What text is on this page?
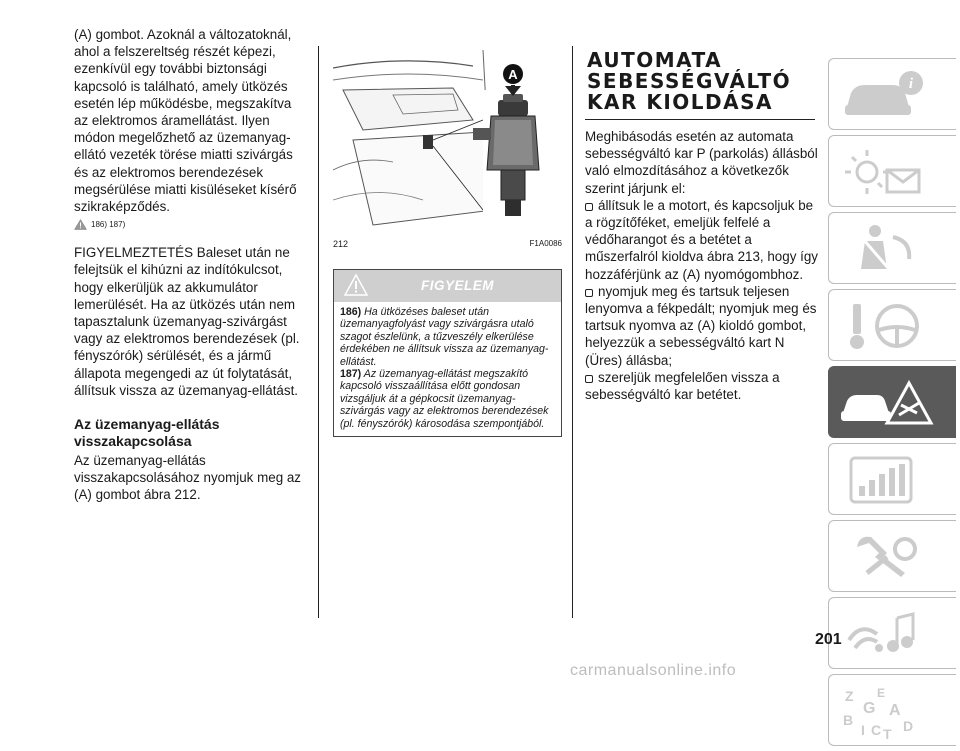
(A) gombot. Azoknál a változatoknál, ahol a felszereltség részét képezi, ezenkívül egy további biztonsági kapcsoló is található, amely ütközés esetén lép működésbe, megszakítva az elektromos áramellátást. Ilyen módon megelőzhető az üzemanyag-ellátó vezeték törése miatti szivárgás és az elektromos berendezések megsérülése miatti kisüléseket kísérő szikraképződés.

186) 187)

FIGYELMEZTETÉS Baleset után ne felejtsük el kihúzni az indítókulcsot, hogy elkerüljük az akkumulátor lemerülését. Ha az ütközés után nem tapasztalunk üzemanyag-szivárgást vagy az elektromos berendezések (pl. fényszórók) sérülését, és a jármű állapota megengedi az út folytatását, állítsuk vissza az üzemanyag-ellátást.

Az üzemanyag-ellátás visszakapcsolása

Az üzemanyag-ellátás visszakapcsolásához nyomjuk meg az (A) gombot ábra 212.

A
212	F1A0086
FIGYELEM

186) Ha ütközéses baleset után üzemanyagfolyást vagy szivárgásra utaló szagot észlelünk, a tűzveszély elkerülése érdekében ne állítsuk vissza az üzemanyag-ellátást.

187) Az üzemanyag-ellátást megszakító kapcsoló visszaállítása előtt gondosan vizsgáljuk át a gépkocsit üzemanyag-szivárgás vagy az elektromos berendezések (pl. fényszórók) károsodása szempontjából.

AUTOMATA
SEBESSÉGVÁLTÓ
KAR KIOLDÁSA

Meghibásodás esetén az automata sebességváltó kar P (parkolás) állásból való elmozdításához a következők szerint járjunk el:

állítsuk le a motort, és kapcsoljuk be a rögzítőféket, emeljük felfelé a védőharangot és a betétet a műszerfalról kioldva ábra 213, hogy így hozzáférjünk az (A) nyomógombhoz.

nyomjuk meg és tartsuk teljesen lenyomva a fékpedált; nyomjuk meg és tartsuk nyomva az (A) kioldó gombot, helyezzük a sebességváltó kart N (Üres) állásba;

szereljük megfelelően vissza a sebességváltó kar betétet.

i
Z E
G A
B
I C T D
201
carmanualsonline.info
